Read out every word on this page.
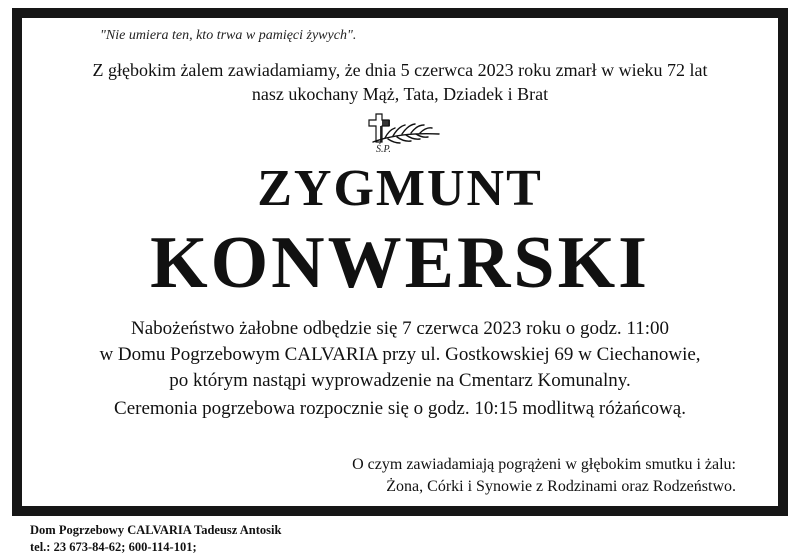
"Nie umiera ten, kto trwa w pamięci żywych".
Z głębokim żalem zawiadamiamy, że dnia 5 czerwca 2023 roku zmarł w wieku 72 lat
nasz ukochany Mąż, Tata, Dziadek i Brat
Ś.P.
ZYGMUNT
KONWERSKI
Nabożeństwo żałobne odbędzie się 7 czerwca 2023 roku o godz. 11:00
w Domu Pogrzebowym CALVARIA przy ul. Gostkowskiej 69 w Ciechanowie,
po którym nastąpi wyprowadzenie na Cmentarz Komunalny.
Ceremonia pogrzebowa rozpocznie się o godz. 10:15 modlitwą różańcową.
O czym zawiadamiają pogrążeni w głębokim smutku i żalu:
Żona, Córki i Synowie z Rodzinami oraz Rodzeństwo.
Dom Pogrzebowy CALVARIA Tadeusz Antosik
tel.: 23 673-84-62; 600-114-101;
